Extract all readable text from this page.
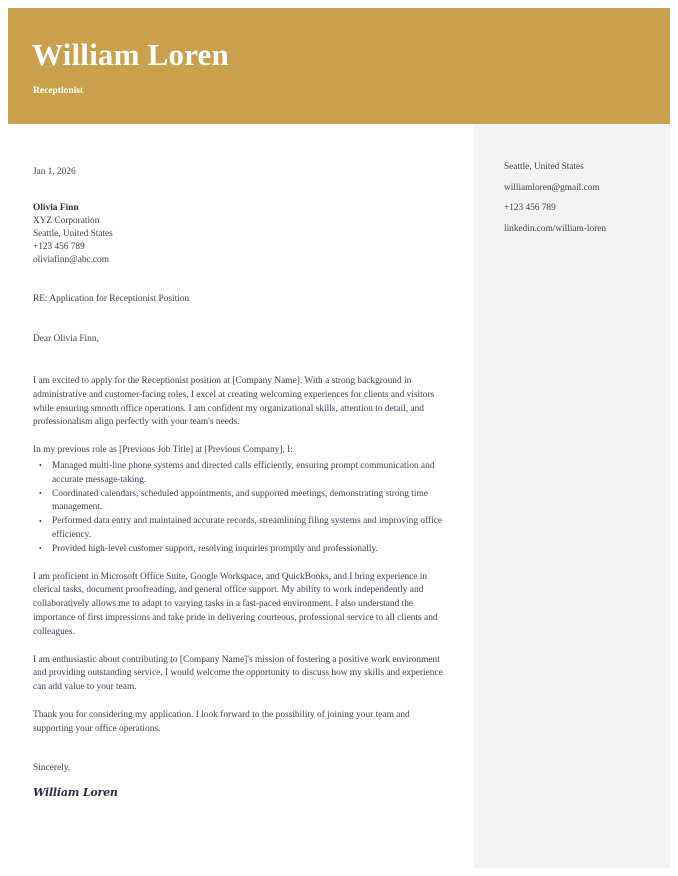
William Loren
Receptionist
Seattle, United States
williamloren@gmail.com
+123 456 789
linkedin.com/william-loren
Jan 1, 2026
Olivia Finn
XYZ Corporation
Seattle, United States
+123 456 789
oliviafinn@abc.com
RE: Application for Receptionist Position
Dear Olivia Finn,

I am excited to apply for the Receptionist position at [Company Name]. With a strong background in administrative and customer-facing roles, I excel at creating welcoming experiences for clients and visitors while ensuring smooth office operations. I am confident my organizational skills, attention to detail, and professionalism align perfectly with your team's needs.

In my previous role as [Previous Job Title] at [Previous Company], I:

• Managed multi-line phone systems and directed calls efficiently, ensuring prompt communication and accurate message-taking.
• Coordinated calendars, scheduled appointments, and supported meetings, demonstrating strong time management.
• Performed data entry and maintained accurate records, streamlining filing systems and improving office efficiency.
• Provided high-level customer support, resolving inquiries promptly and professionally.

I am proficient in Microsoft Office Suite, Google Workspace, and QuickBooks, and I bring experience in clerical tasks, document proofreading, and general office support. My ability to work independently and collaboratively allows me to adapt to varying tasks in a fast-paced environment. I also understand the importance of first impressions and take pride in delivering courteous, professional service to all clients and colleagues.

I am enthusiastic about contributing to [Company Name]'s mission of fostering a positive work environment and providing outstanding service. I would welcome the opportunity to discuss how my skills and experience can add value to your team.

Thank you for considering my application. I look forward to the possibility of joining your team and supporting your office operations.

Sincerely,
William Loren
